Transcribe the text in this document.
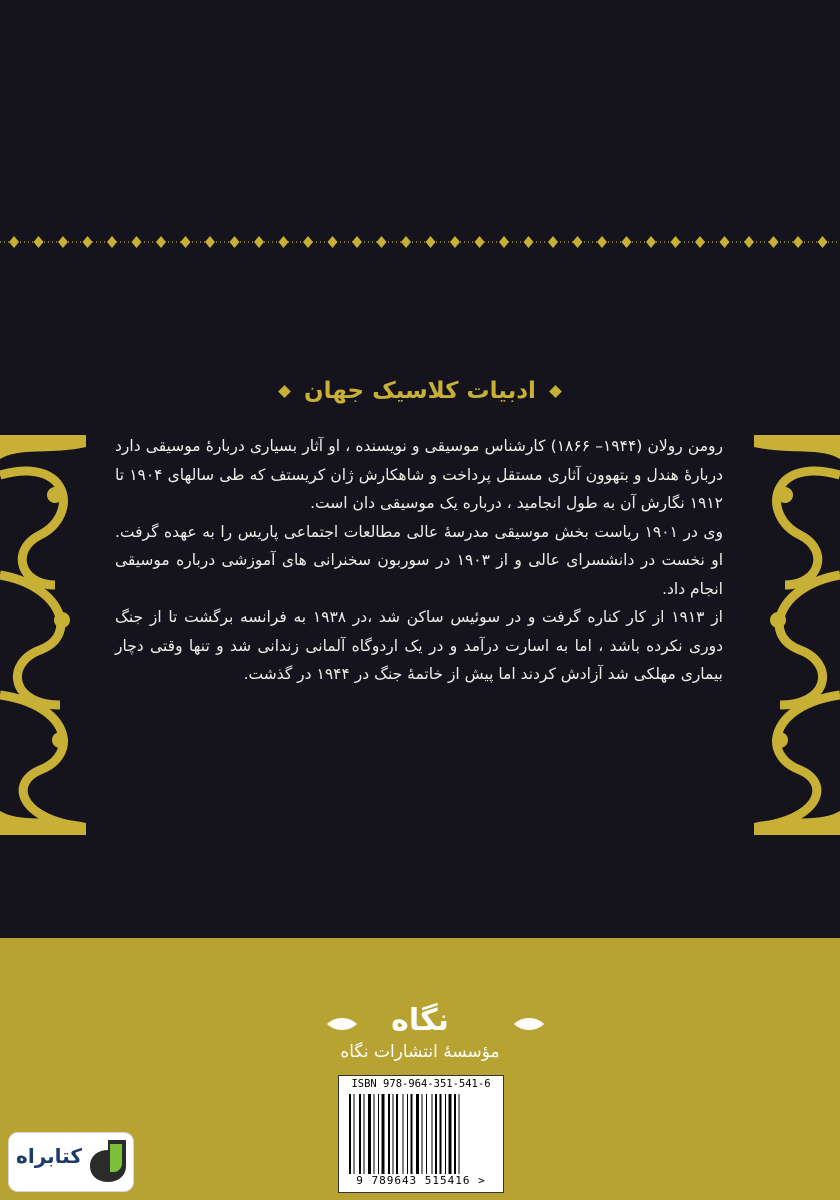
ادبیات کلاسیک جهان

رومن رولان (۱۹۴۴– ۱۸۶۶) کارشناس موسیقی و نویسنده ، او آثار بسیاری دربارهٔ موسیقی دارد دربارهٔ هندل و بتهوون آثاری مستقل پرداخت و شاهکارش ژان کریستف که طی سالهای ۱۹۰۴ تا ۱۹۱۲ نگارش آن به طول انجامید ، درباره یک موسیقی دان است.

وی در ۱۹۰۱ ریاست بخش موسیقی مدرسهٔ عالی مطالعات اجتماعی پاریس را به عهده گرفت. او نخست در دانشسرای عالی و از ۱۹۰۳ در سوربون سخنرانی های آموزشی درباره موسیقی انجام داد.

از ۱۹۱۳ از کار کناره گرفت و در سوئیس ساکن شد ،در ۱۹۳۸ به فرانسه برگشت تا از جنگ دوری نکرده باشد ، اما به اسارت درآمد و در یک اردوگاه آلمانی زندانی شد و تنها وقتی دچار بیماری مهلکی شد آزادش کردند اما پیش از خاتمهٔ جنگ در ۱۹۴۴ در گذشت.

نگاه
مؤسسهٔ انتشارات نگاه
ISBN 978-964-351-541-6
9 789643 515416 >
کتابراه
